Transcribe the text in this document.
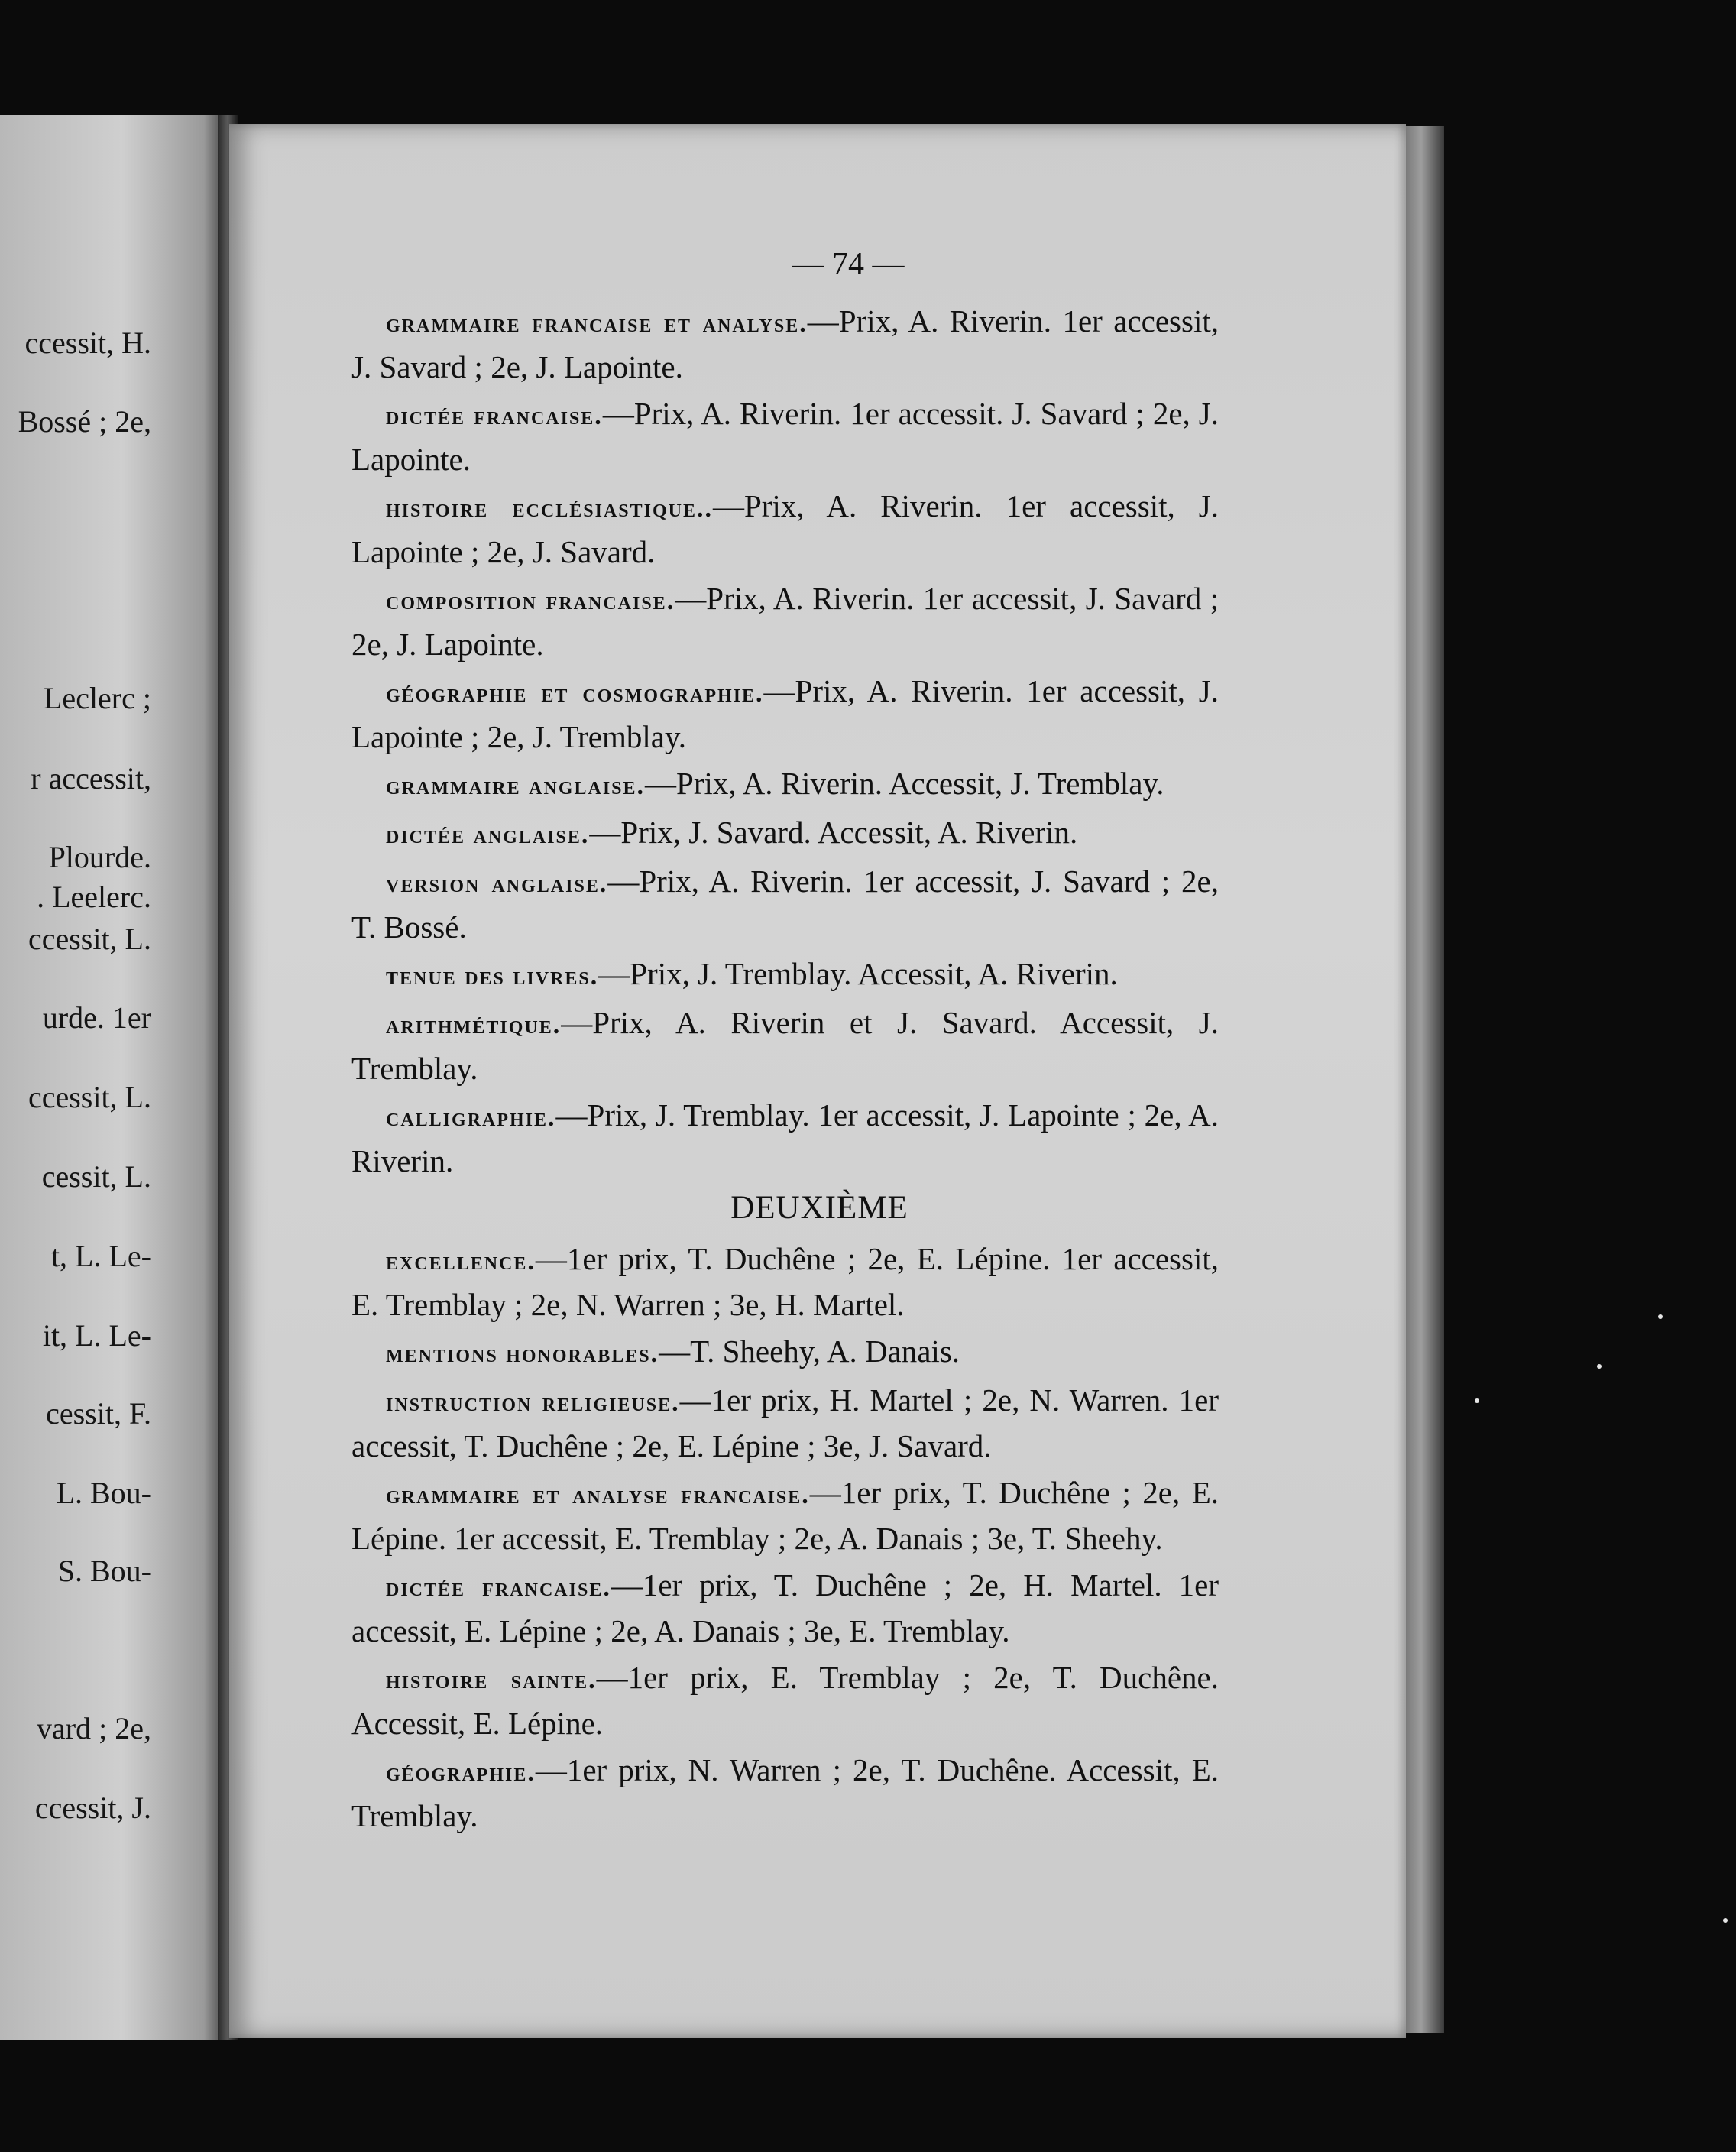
ccessit, H.
Bossé ; 2e,
Leclerc ;
r accessit,
Plourde.
. Leelerc.
ccessit, L.
urde. 1er
ccessit, L.
cessit, L.
t, L. Le-
it, L. Le-
cessit, F.
L. Bou-
S. Bou-
vard ; 2e,
ccessit, J.
— 74 —

grammaire francaise et analyse.—Prix, A. Riverin. 1er accessit, J. Savard ; 2e, J. Lapointe.

dictée francaise.—Prix, A. Riverin. 1er accessit. J. Savard ; 2e, J. Lapointe.

histoire ecclésiastique..—Prix, A. Riverin. 1er accessit, J. Lapointe ; 2e, J. Savard.

composition francaise.—Prix, A. Riverin. 1er accessit, J. Savard ; 2e, J. Lapointe.

géographie et cosmographie.—Prix, A. Riverin. 1er accessit, J. Lapointe ; 2e, J. Tremblay.

grammaire anglaise.—Prix, A. Riverin. Accessit, J. Tremblay.

dictée anglaise.—Prix, J. Savard. Accessit, A. Riverin.

version anglaise.—Prix, A. Riverin. 1er accessit, J. Savard ; 2e, T. Bossé.

tenue des livres.—Prix, J. Tremblay. Accessit, A. Riverin.

arithmétique.—Prix, A. Riverin et J. Savard. Accessit, J. Tremblay.

calligraphie.—Prix, J. Tremblay. 1er accessit, J. Lapointe ; 2e, A. Riverin.

DEUXIÈME

excellence.—1er prix, T. Duchêne ; 2e, E. Lépine. 1er accessit, E. Tremblay ; 2e, N. Warren ; 3e, H. Martel.

mentions honorables.—T. Sheehy, A. Danais.

instruction religieuse.—1er prix, H. Martel ; 2e, N. Warren. 1er accessit, T. Duchêne ; 2e, E. Lépine ; 3e, J. Savard.

grammaire et analyse francaise.—1er prix, T. Duchêne ; 2e, E. Lépine. 1er accessit, E. Tremblay ; 2e, A. Danais ; 3e, T. Sheehy.

dictée francaise.—1er prix, T. Duchêne ; 2e, H. Martel. 1er accessit, E. Lépine ; 2e, A. Danais ; 3e, E. Tremblay.

histoire sainte.—1er prix, E. Tremblay ; 2e, T. Duchêne. Accessit, E. Lépine.

géographie.—1er prix, N. Warren ; 2e, T. Duchêne. Accessit, E. Tremblay.
